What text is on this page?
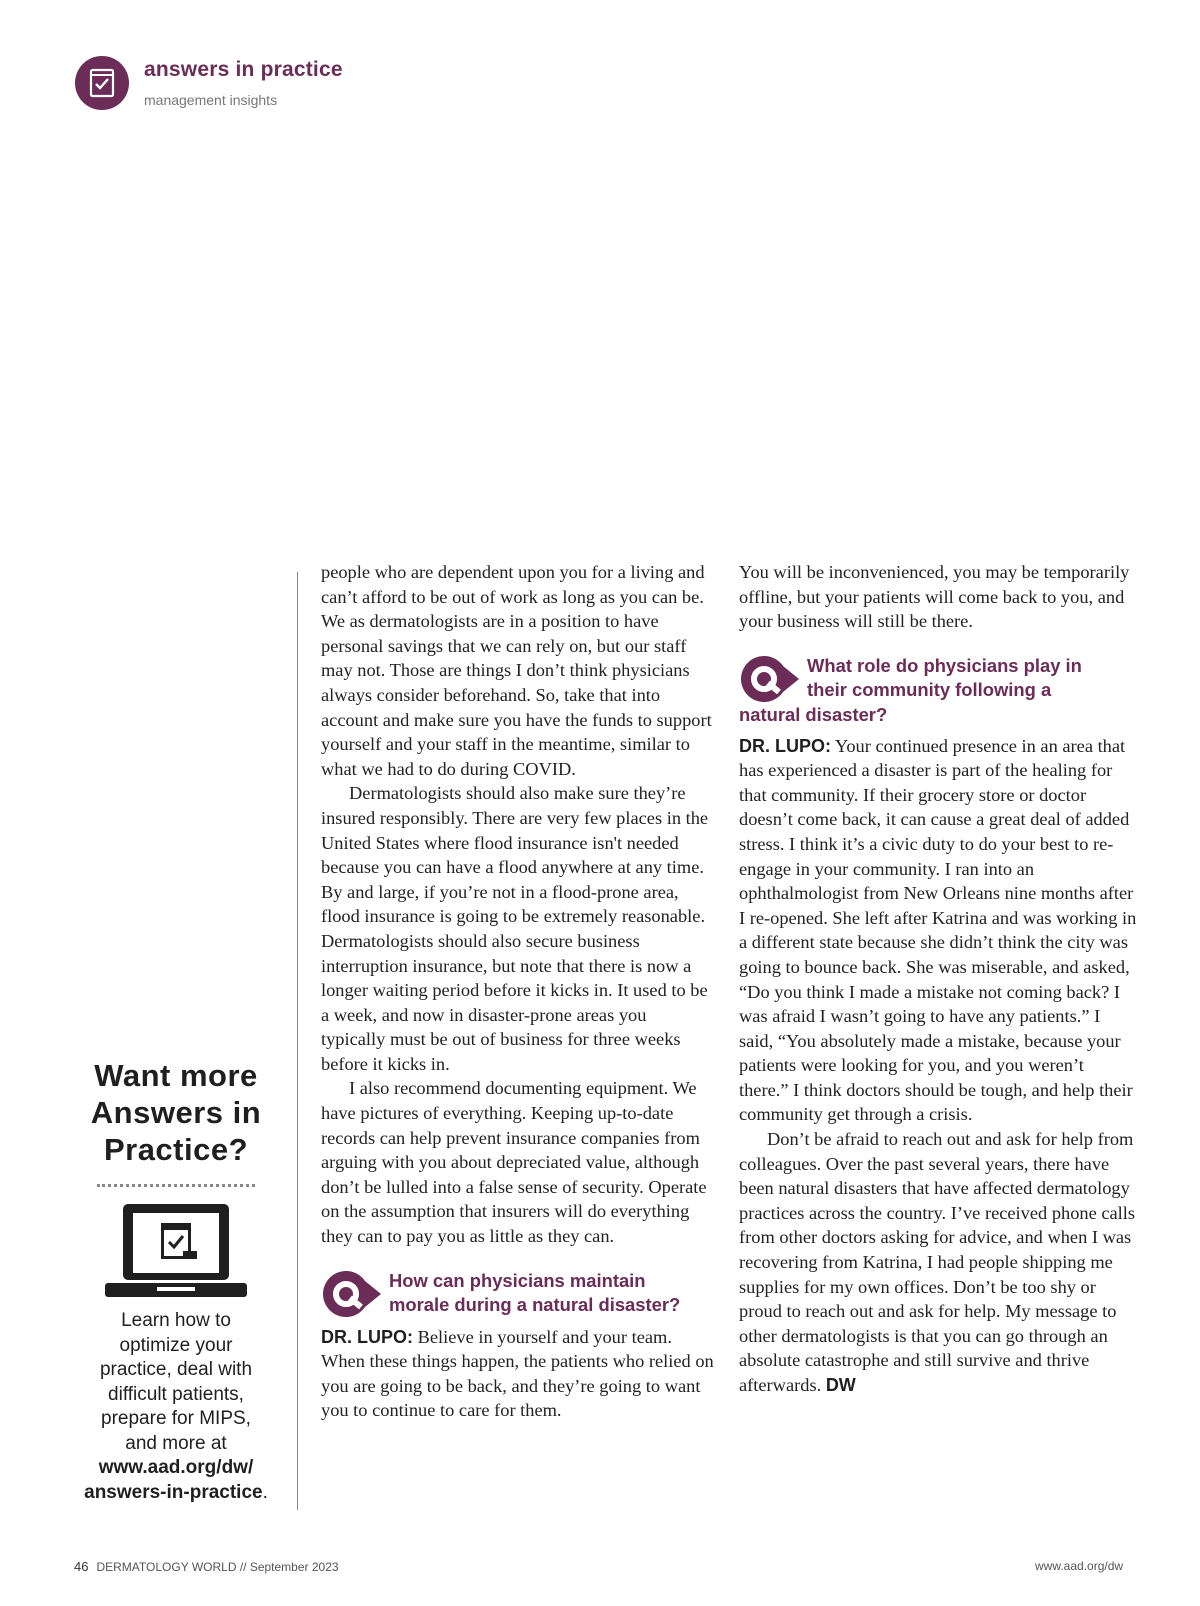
answers in practice
management insights

Want more
Answers in
Practice?

Learn how to
optimize your
practice, deal with
difficult patients,
prepare for MIPS,
and more at
www.aad.org/dw/
answers-in-practice.

people who are dependent upon you for a living and can’t afford to be out of work as long as you can be. We as dermatologists are in a position to have personal savings that we can rely on, but our staff may not. Those are things I don’t think physicians always consider beforehand. So, take that into account and make sure you have the funds to support yourself and your staff in the meantime, similar to what we had to do during COVID.

Dermatologists should also make sure they’re insured responsibly. There are very few places in the United States where flood insurance isn't needed because you can have a flood anywhere at any time. By and large, if you’re not in a flood-prone area, flood insurance is going to be extremely reasonable. Dermatologists should also secure business interruption insurance, but note that there is now a longer waiting period before it kicks in. It used to be a week, and now in disaster-prone areas you typically must be out of business for three weeks before it kicks in.

I also recommend documenting equipment. We have pictures of everything. Keeping up-to-date records can help prevent insurance companies from arguing with you about depreciated value, although don’t be lulled into a false sense of security. Operate on the assumption that insurers will do everything they can to pay you as little as they can.

How can physicians maintain
morale during a natural disaster?

DR. LUPO: Believe in yourself and your team. When these things happen, the patients who relied on you are going to be back, and they’re going to want you to continue to care for them.

You will be inconvenienced, you may be temporarily offline, but your patients will come back to you, and your business will still be there.

What role do physicians play in
their community following a
natural disaster?

DR. LUPO: Your continued presence in an area that has experienced a disaster is part of the healing for that community. If their grocery store or doctor doesn’t come back, it can cause a great deal of added stress. I think it’s a civic duty to do your best to re-engage in your community. I ran into an ophthalmologist from New Orleans nine months after I re-opened. She left after Katrina and was working in a different state because she didn’t think the city was going to bounce back. She was miserable, and asked, “Do you think I made a mistake not coming back? I was afraid I wasn’t going to have any patients.” I said, “You absolutely made a mistake, because your patients were looking for you, and you weren’t there.” I think doctors should be tough, and help their community get through a crisis.

Don’t be afraid to reach out and ask for help from colleagues. Over the past several years, there have been natural disasters that have affected dermatology practices across the country. I’ve received phone calls from other doctors asking for advice, and when I was recovering from Katrina, I had people shipping me supplies for my own offices. Don’t be too shy or proud to reach out and ask for help. My message to other dermatologists is that you can go through an absolute catastrophe and still survive and thrive afterwards. DW

46 DERMATOLOGY WORLD // September 2023	www.aad.org/dw
